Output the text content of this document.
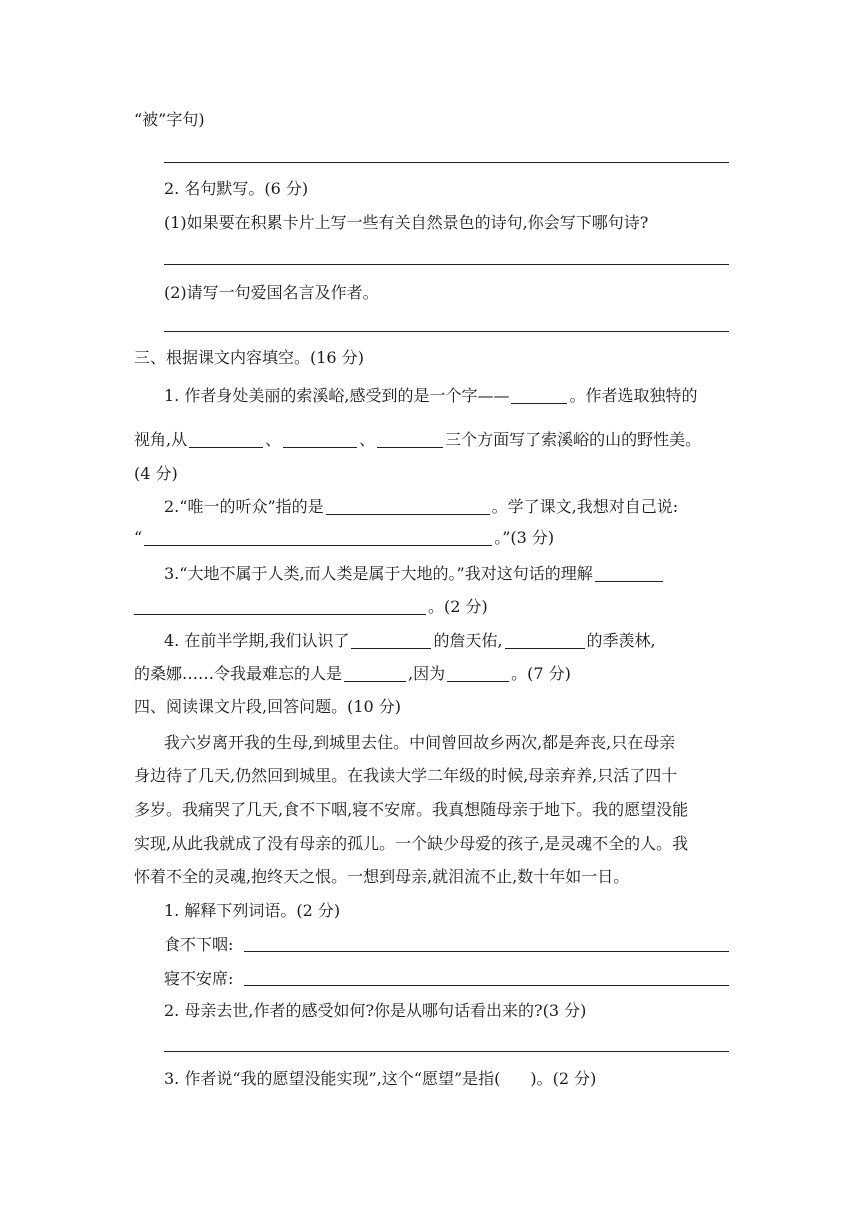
“被”字句)
2. 名句默写。(6 分)
(1)如果要在积累卡片上写一些有关自然景色的诗句,你会写下哪句诗?
(2)请写一句爱国名言及作者。
三、根据课文内容填空。(16 分)
1. 作者身处美丽的索溪峪,感受到的是一个字——	。作者选取独特的
视角,从	、	、	三个方面写了索溪峪的山的野性美。
(4 分)
2.“唯一的听众”指的是	。学了课文,我想对自己说:
“	。”(3 分)
3.“大地不属于人类,而人类是属于大地的。”我对这句话的理解
。(2 分)
4. 在前半学期,我们认识了	的詹天佑,	的季羡林,
的桑娜……令我最难忘的人是	,因为	。(7 分)
四、阅读课文片段,回答问题。(10 分)
我六岁离开我的生母,到城里去住。中间曾回故乡两次,都是奔丧,只在母亲
身边待了几天,仍然回到城里。在我读大学二年级的时候,母亲弃养,只活了四十
多岁。我痛哭了几天,食不下咽,寝不安席。我真想随母亲于地下。我的愿望没能
实现,从此我就成了没有母亲的孤儿。一个缺少母爱的孩子,是灵魂不全的人。我
怀着不全的灵魂,抱终天之恨。一想到母亲,就泪流不止,数十年如一日。
1. 解释下列词语。(2 分)
食不下咽:
寝不安席:
2. 母亲去世,作者的感受如何?你是从哪句话看出来的?(3 分)
3. 作者说“我的愿望没能实现”,这个“愿望”是指( )。(2 分)
